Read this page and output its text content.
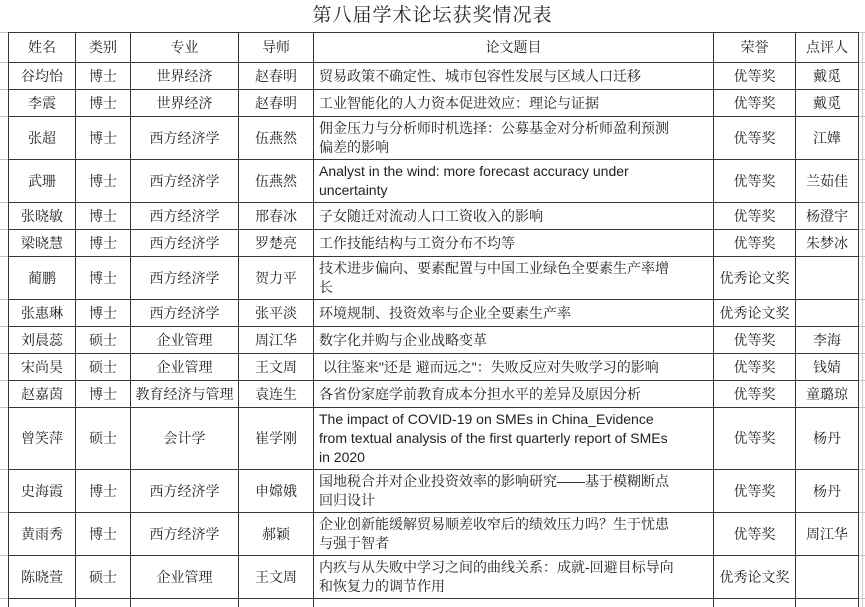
第八届学术论坛获奖情况表
姓名	类别	专业	导师	论文题目	荣誉	点评人
谷均怡	博士	世界经济	赵春明	贸易政策不确定性、城市包容性发展与区域人口迁移	优等奖	戴觅
李震	博士	世界经济	赵春明	工业智能化的人力资本促进效应：理论与证据	优等奖	戴觅
张超	博士	西方经济学	伍燕然	佣金压力与分析师时机选择：公募基金对分析师盈利预测偏差的影响	优等奖	江嬅
武珊	博士	西方经济学	伍燕然	Analyst in the wind: more forecast accuracy under uncertainty	优等奖	兰茹佳
张晓敏	博士	西方经济学	邢春冰	子女随迁对流动人口工资收入的影响	优等奖	杨澄宇
梁晓慧	博士	西方经济学	罗楚亮	工作技能结构与工资分布不均等	优等奖	朱梦冰
蔺鹏	博士	西方经济学	贺力平	技术进步偏向、要素配置与中国工业绿色全要素生产率增长	优秀论文奖	
张惠琳	博士	西方经济学	张平淡	环境规制、投资效率与企业全要素生产率	优秀论文奖	
刘晨蕊	硕士	企业管理	周江华	数字化并购与企业战略变革	优等奖	李海
宋尚昊	硕士	企业管理	王文周	以往鉴来"还是 避而远之"：失败反应对失败学习的影响	优等奖	钱婧
赵嘉茵	博士	教育经济与管理	袁连生	各省份家庭学前教育成本分担水平的差异及原因分析	优等奖	童璐琼
曾笑萍	硕士	会计学	崔学刚	The impact of COVID-19 on SMEs in China_Evidence from textual analysis of the first quarterly report of SMEs in 2020	优等奖	杨丹
史海霞	博士	西方经济学	申嫦娥	国地税合并对企业投资效率的影响研究——基于模糊断点回归设计	优等奖	杨丹
黄雨秀	博士	西方经济学	郝颖	企业创新能缓解贸易顺差收窄后的绩效压力吗？生于忧患与强于智者	优等奖	周江华
陈晓萱	硕士	企业管理	王文周	内疚与从失败中学习之间的曲线关系：成就-回避目标导向和恢复力的调节作用	优秀论文奖	
